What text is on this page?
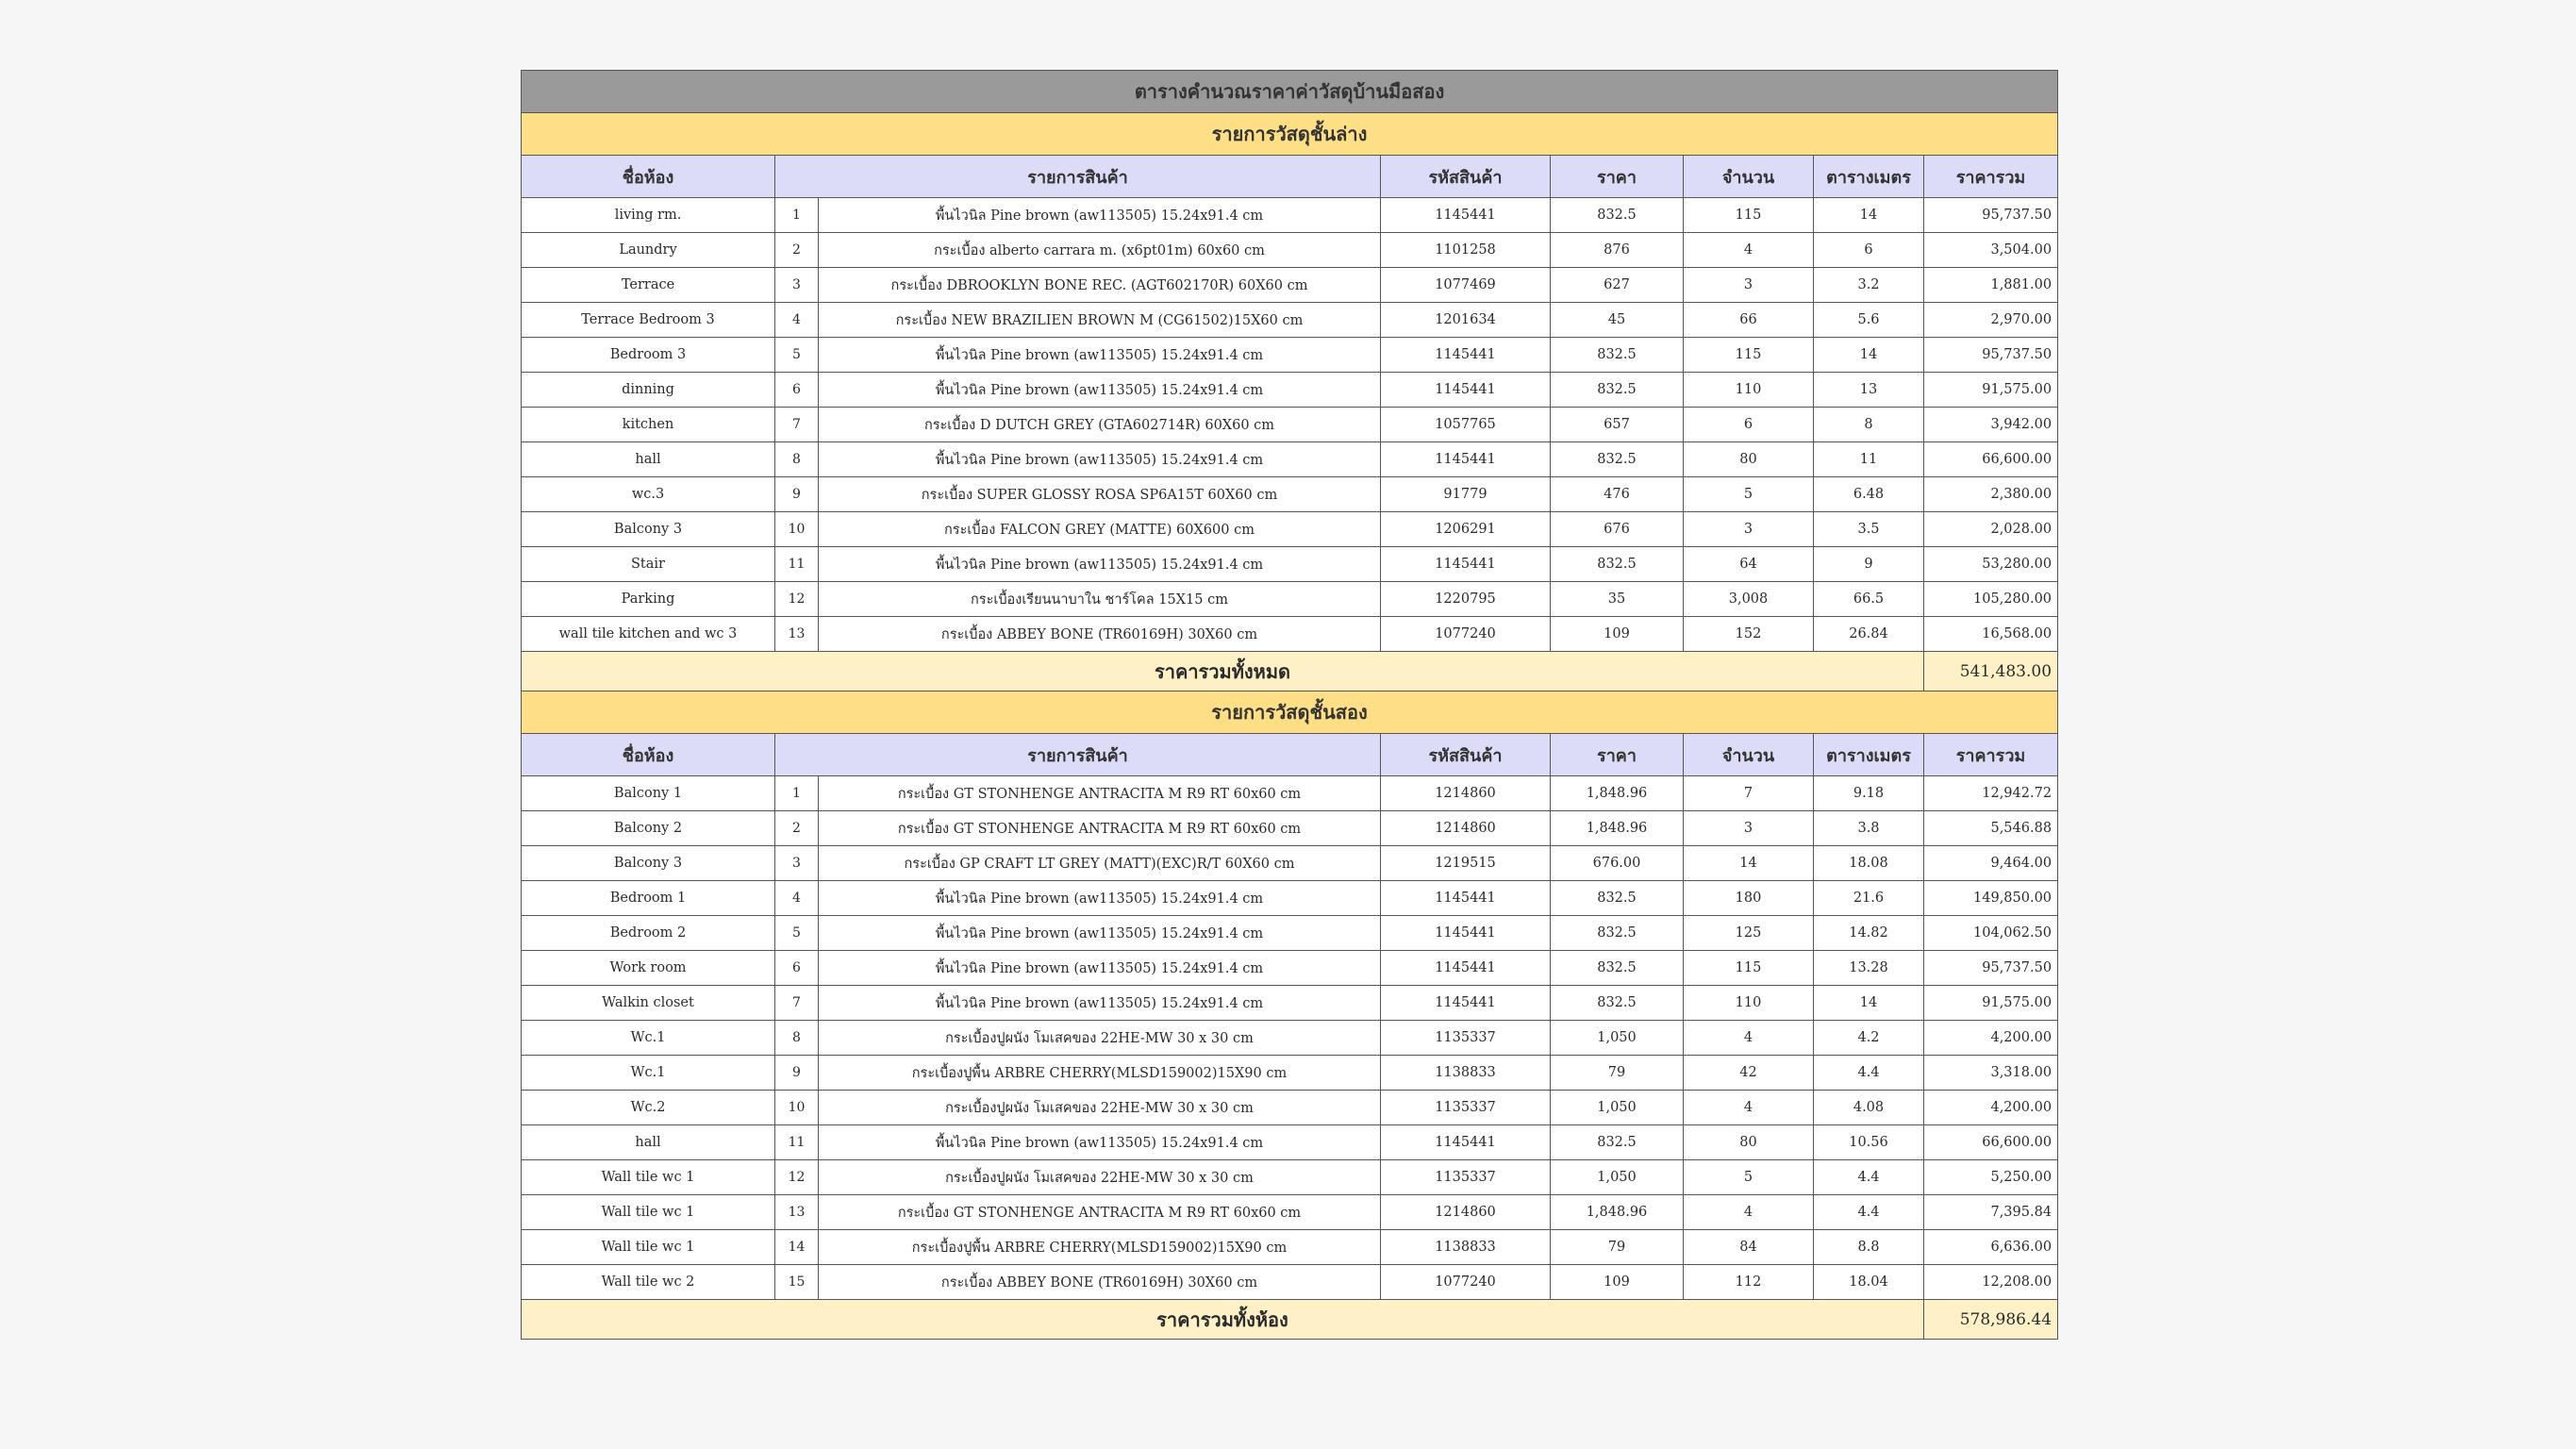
ตารางคำนวณราคาค่าวัสดุบ้านมือสอง							
รายการวัสดุชั้นล่าง							
ชื่อห้อง	รายการสินค้า		รหัสสินค้า	ราคา	จำนวน	ตารางเมตร	ราคารวม
living rm.	1	พื้นไวนิล Pine brown (aw113505) 15.24x91.4 cm	1145441	832.5	115	14	95,737.50
Laundry	2	กระเบื้อง alberto carrara m. (x6pt01m) 60x60 cm	1101258	876	4	6	3,504.00
Terrace	3	กระเบื้อง DBROOKLYN BONE REC. (AGT602170R) 60X60 cm	1077469	627	3	3.2	1,881.00
Terrace Bedroom 3	4	กระเบื้อง NEW BRAZILIEN BROWN M (CG61502)15X60 cm	1201634	45	66	5.6	2,970.00
Bedroom 3	5	พื้นไวนิล Pine brown (aw113505) 15.24x91.4 cm	1145441	832.5	115	14	95,737.50
dinning	6	พื้นไวนิล Pine brown (aw113505) 15.24x91.4 cm	1145441	832.5	110	13	91,575.00
kitchen	7	กระเบื้อง D DUTCH GREY (GTA602714R) 60X60 cm	1057765	657	6	8	3,942.00
hall	8	พื้นไวนิล Pine brown (aw113505) 15.24x91.4 cm	1145441	832.5	80	11	66,600.00
wc.3	9	กระเบื้อง SUPER GLOSSY ROSA SP6A15T 60X60 cm	91779	476	5	6.48	2,380.00
Balcony 3	10	กระเบื้อง FALCON GREY (MATTE) 60X600 cm	1206291	676	3	3.5	2,028.00
Stair	11	พื้นไวนิล Pine brown (aw113505) 15.24x91.4 cm	1145441	832.5	64	9	53,280.00
Parking	12	กระเบื้องเรียนนาบาใน ชาร์โคล 15X15 cm	1220795	35	3,008	66.5	105,280.00
wall tile kitchen and wc 3	13	กระเบื้อง ABBEY BONE (TR60169H) 30X60 cm	1077240	109	152	26.84	16,568.00
ราคารวมทั้งหมด							541,483.00
รายการวัสดุชั้นสอง							
ชื่อห้อง	รายการสินค้า		รหัสสินค้า	ราคา	จำนวน	ตารางเมตร	ราคารวม
Balcony 1	1	กระเบื้อง GT STONHENGE ANTRACITA M R9 RT 60x60 cm	1214860	1,848.96	7	9.18	12,942.72
Balcony 2	2	กระเบื้อง GT STONHENGE ANTRACITA M R9 RT 60x60 cm	1214860	1,848.96	3	3.8	5,546.88
Balcony 3	3	กระเบื้อง GP CRAFT LT GREY (MATT)(EXC)R/T 60X60 cm	1219515	676.00	14	18.08	9,464.00
Bedroom 1	4	พื้นไวนิล Pine brown (aw113505) 15.24x91.4 cm	1145441	832.5	180	21.6	149,850.00
Bedroom 2	5	พื้นไวนิล Pine brown (aw113505) 15.24x91.4 cm	1145441	832.5	125	14.82	104,062.50
Work room	6	พื้นไวนิล Pine brown (aw113505) 15.24x91.4 cm	1145441	832.5	115	13.28	95,737.50
Walkin closet	7	พื้นไวนิล Pine brown (aw113505) 15.24x91.4 cm	1145441	832.5	110	14	91,575.00
Wc.1	8	กระเบื้องปูผนัง โมเสคของ 22HE-MW 30 x 30 cm	1135337	1,050	4	4.2	4,200.00
Wc.1	9	กระเบื้องปูพื้น ARBRE CHERRY(MLSD159002)15X90 cm	1138833	79	42	4.4	3,318.00
Wc.2	10	กระเบื้องปูผนัง โมเสคของ 22HE-MW 30 x 30 cm	1135337	1,050	4	4.08	4,200.00
hall	11	พื้นไวนิล Pine brown (aw113505) 15.24x91.4 cm	1145441	832.5	80	10.56	66,600.00
Wall tile wc 1	12	กระเบื้องปูผนัง โมเสคของ 22HE-MW 30 x 30 cm	1135337	1,050	5	4.4	5,250.00
Wall tile wc 1	13	กระเบื้อง GT STONHENGE ANTRACITA M R9 RT 60x60 cm	1214860	1,848.96	4	4.4	7,395.84
Wall tile wc 1	14	กระเบื้องปูพื้น ARBRE CHERRY(MLSD159002)15X90 cm	1138833	79	84	8.8	6,636.00
Wall tile wc 2	15	กระเบื้อง ABBEY BONE (TR60169H) 30X60 cm	1077240	109	112	18.04	12,208.00
ราคารวมทั้งห้อง							578,986.44
